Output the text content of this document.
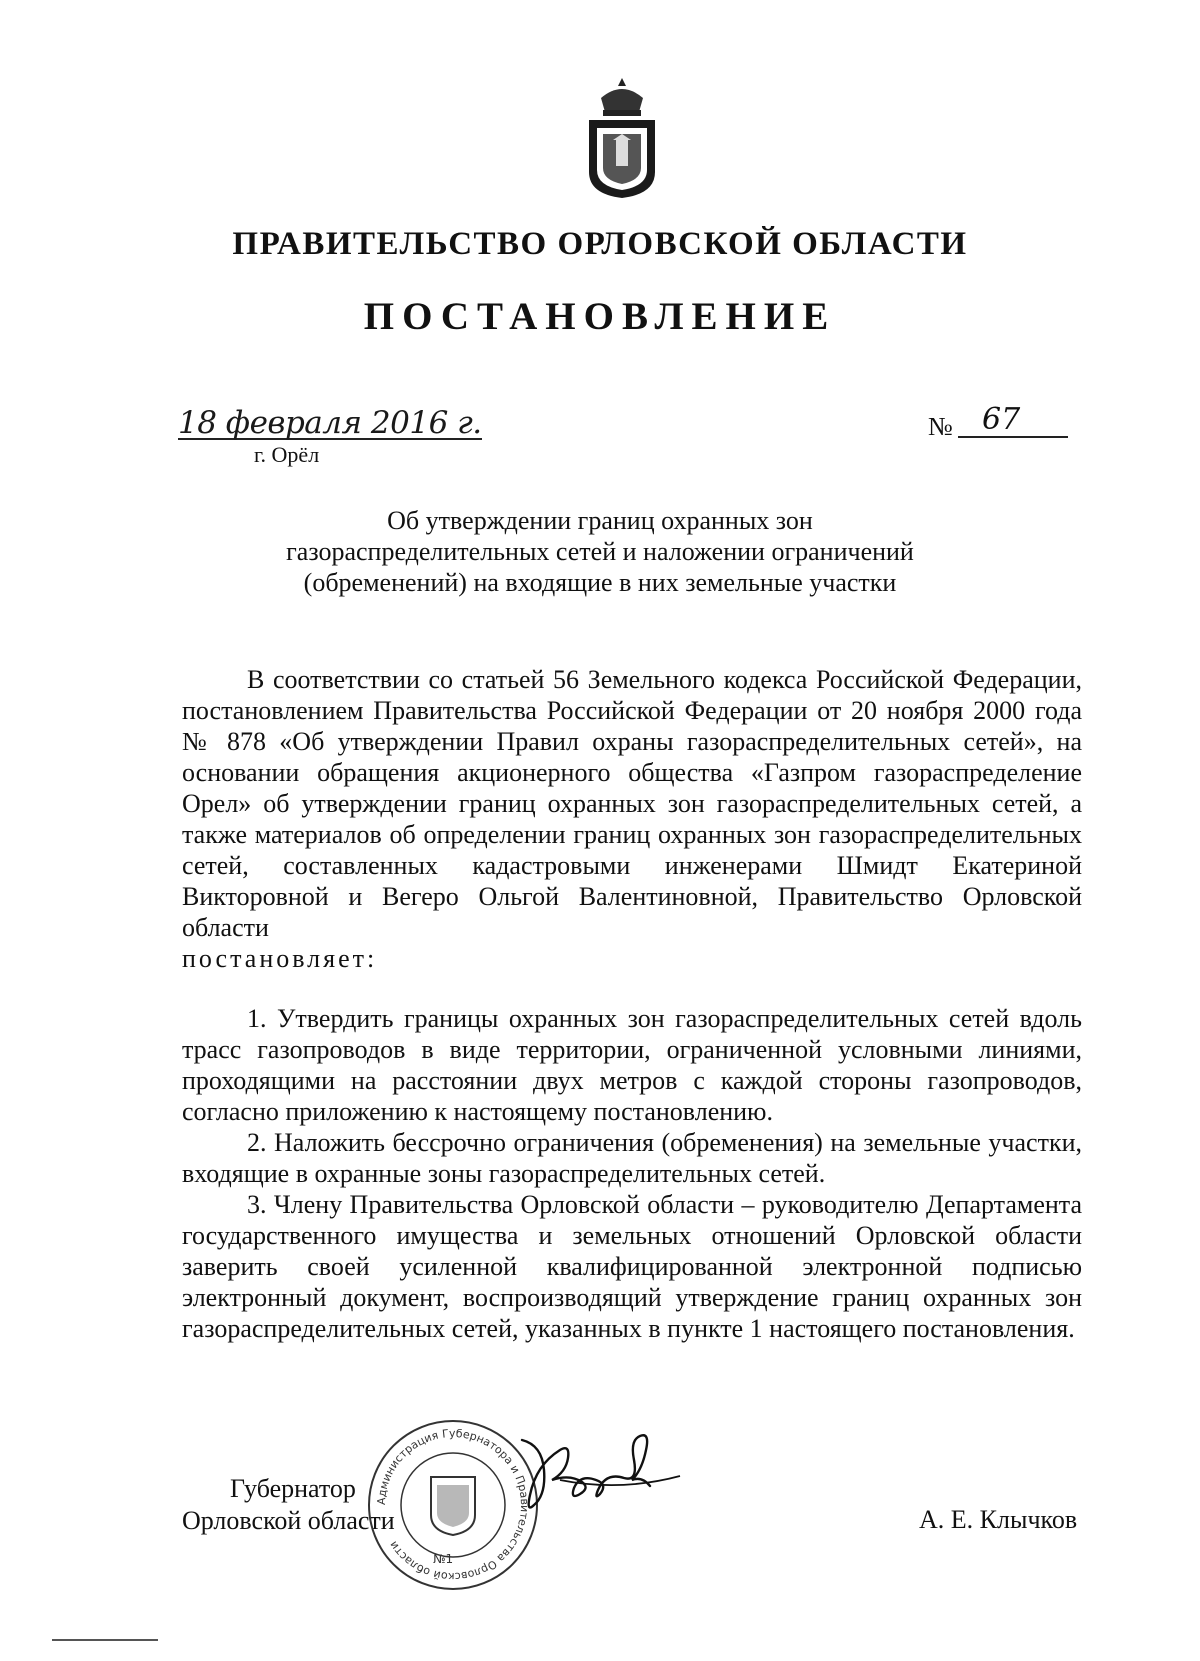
ПРАВИТЕЛЬСТВО ОРЛОВСКОЙ ОБЛАСТИ
ПОСТАНОВЛЕНИЕ
18 февраля 2016 г.
г. Орёл
№ 67
Об утверждении границ охранных зон
газораспределительных сетей и наложении ограничений
(обременений) на входящие в них земельные участки

В соответствии со статьей 56 Земельного кодекса Российской Федерации, постановлением Правительства Российской Федерации от 20 ноября 2000 года № 878 «Об утверждении Правил охраны газораспределительных сетей», на основании обращения акционерного общества «Газпром газораспределение Орел» об утверждении границ охранных зон газораспределительных сетей, а также материалов об определении границ охранных зон газораспределительных сетей, составленных кадастровыми инженерами Шмидт Екатериной Викторовной и Вегеро Ольгой Валентиновной, Правительство Орловской области

постановляет:

1. Утвердить границы охранных зон газораспределительных сетей вдоль трасс газопроводов в виде территории, ограниченной условными линиями, проходящими на расстоянии двух метров с каждой стороны газопроводов, согласно приложению к настоящему постановлению.

2. Наложить бессрочно ограничения (обременения) на земельные участки, входящие в охранные зоны газораспределительных сетей.

3. Члену Правительства Орловской области – руководителю Департамента государственного имущества и земельных отношений Орловской области заверить своей усиленной квалифицированной электронной подписью электронный документ, воспроизводящий утверждение границ охранных зон газораспределительных сетей, указанных в пункте 1 настоящего постановления.

Губернатор
Орловской области
Администрация Губернатора и Правительства Орловской области
№1
А. Е. Клычков
